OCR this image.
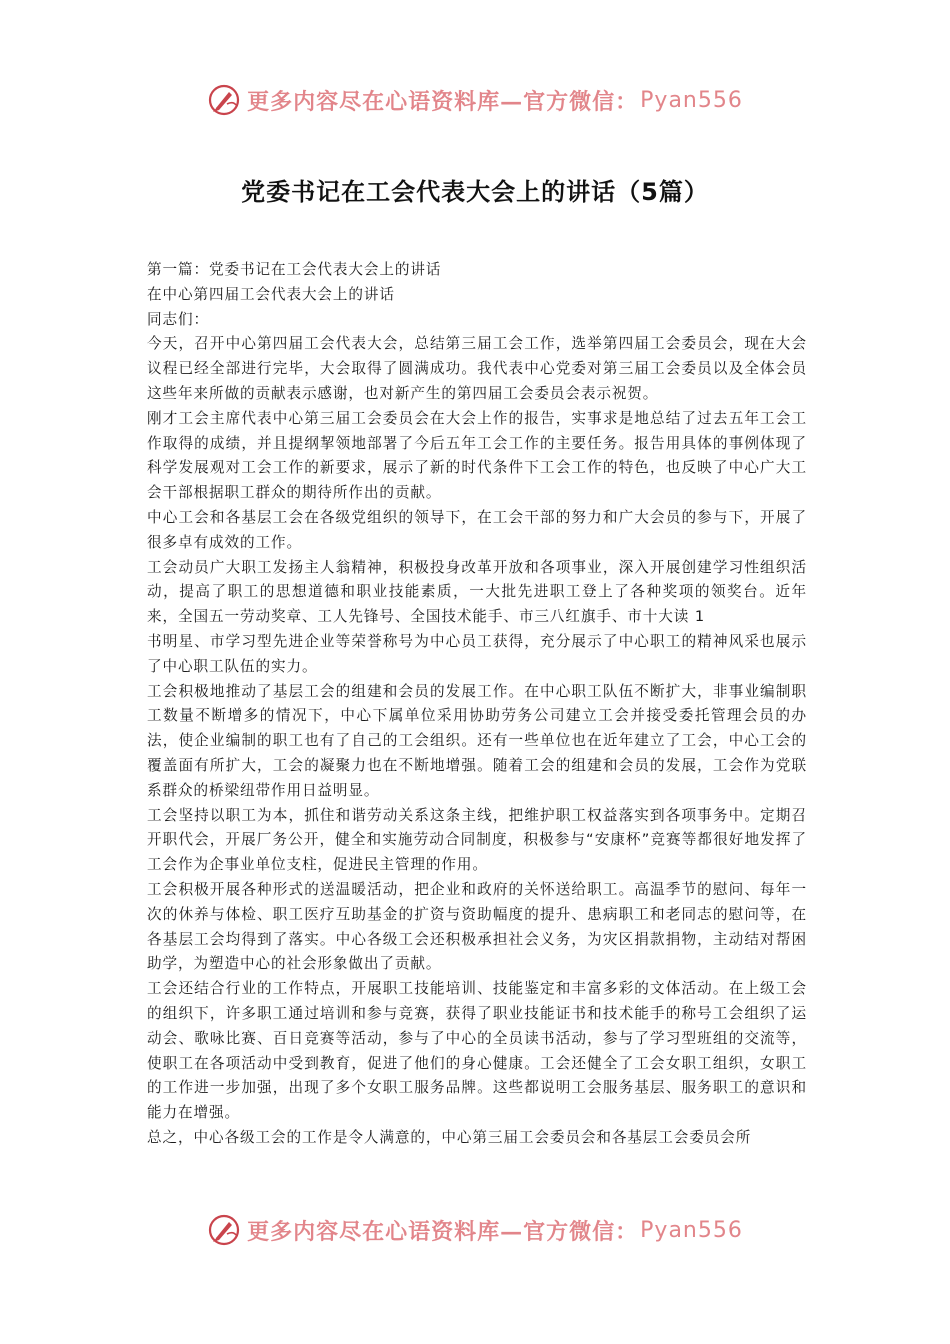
更多内容尽在心语资料库—官方微信： Pyan556
党委书记在工会代表大会上的讲话（5篇）

第一篇：党委书记在工会代表大会上的讲话

在中心第四届工会代表大会上的讲话

同志们：

今天，召开中心第四届工会代表大会，总结第三届工会工作，选举第四届工会委员会，现在大会议程已经全部进行完毕，大会取得了圆满成功。我代表中心党委对第三届工会委员以及全体会员这些年来所做的贡献表示感谢，也对新产生的第四届工会委员会表示祝贺。

刚才工会主席代表中心第三届工会委员会在大会上作的报告，实事求是地总结了过去五年工会工作取得的成绩，并且提纲挈领地部署了今后五年工会工作的主要任务。报告用具体的事例体现了科学发展观对工会工作的新要求，展示了新的时代条件下工会工作的特色，也反映了中心广大工会干部根据职工群众的期待所作出的贡献。

中心工会和各基层工会在各级党组织的领导下，在工会干部的努力和广大会员的参与下，开展了很多卓有成效的工作。

工会动员广大职工发扬主人翁精神，积极投身改革开放和各项事业，深入开展创建学习性组织活动，提高了职工的思想道德和职业技能素质，一大批先进职工登上了各种奖项的领奖台。近年来，全国五一劳动奖章、工人先锋号、全国技术能手、市三八红旗手、市十大读 1

书明星、市学习型先进企业等荣誉称号为中心员工获得，充分展示了中心职工的精神风采也展示了中心职工队伍的实力。

工会积极地推动了基层工会的组建和会员的发展工作。在中心职工队伍不断扩大，非事业编制职工数量不断增多的情况下，中心下属单位采用协助劳务公司建立工会并接受委托管理会员的办法，使企业编制的职工也有了自己的工会组织。还有一些单位也在近年建立了工会，中心工会的覆盖面有所扩大，工会的凝聚力也在不断地增强。随着工会的组建和会员的发展，工会作为党联系群众的桥梁纽带作用日益明显。

工会坚持以职工为本，抓住和谐劳动关系这条主线，把维护职工权益落实到各项事务中。定期召开职代会，开展厂务公开，健全和实施劳动合同制度，积极参与“安康杯”竞赛等都很好地发挥了工会作为企事业单位支柱，促进民主管理的作用。

工会积极开展各种形式的送温暖活动，把企业和政府的关怀送给职工。高温季节的慰问、每年一次的休养与体检、职工医疗互助基金的扩资与资助幅度的提升、患病职工和老同志的慰问等，在各基层工会均得到了落实。中心各级工会还积极承担社会义务，为灾区捐款捐物，主动结对帮困助学，为塑造中心的社会形象做出了贡献。

工会还结合行业的工作特点，开展职工技能培训、技能鉴定和丰富多彩的文体活动。在上级工会的组织下，许多职工通过培训和参与竞赛，获得了职业技能证书和技术能手的称号工会组织了运动会、歌咏比赛、百日竞赛等活动，参与了中心的全员读书活动，参与了学习型班组的交流等，使职工在各项活动中受到教育，促进了他们的身心健康。工会还健全了工会女职工组织，女职工的工作进一步加强，出现了多个女职工服务品牌。这些都说明工会服务基层、服务职工的意识和能力在增强。

总之，中心各级工会的工作是令人满意的，中心第三届工会委员会和各基层工会委员会所

更多内容尽在心语资料库—官方微信： Pyan556
